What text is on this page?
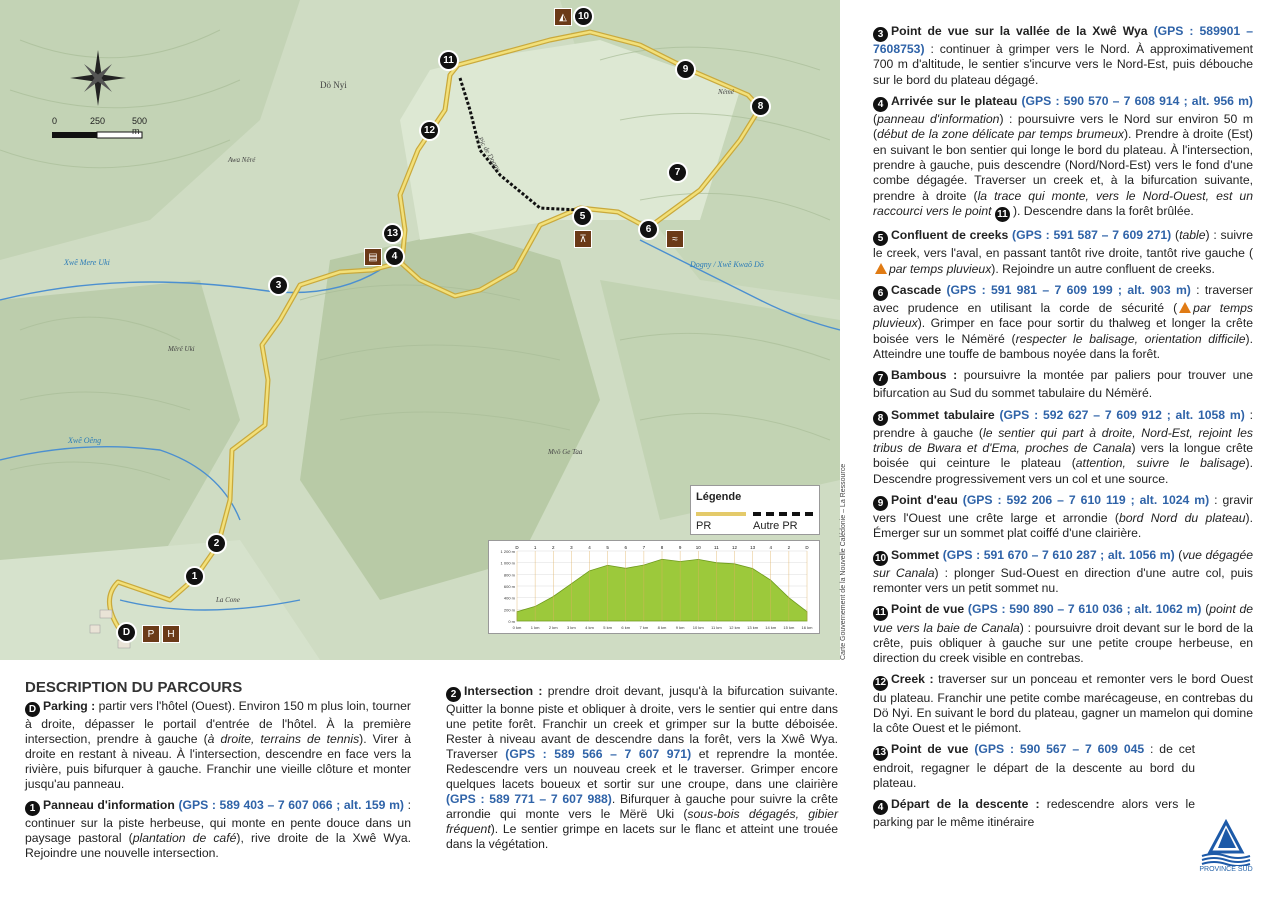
0	250	500 m
Dö Nyi
La Cone
Mërë Uki
Némé
Mvö Ge Taa
Awa Nêré
Xwê Mere Uki
Xwê Oêng
Dogny / Xwê Kwaô Dõ
Pic de Dogny
D	P	H
1
2
3
4
▤
5
⊼
6
≈
7
8
9
10
◭
11
12
13
Légende
PR	Autre PR
1 200 m
1 000 m
800 m
600 m
400 m
200 m
0 m
0 km 1 km 2 km 3 km 4 km 5 km 6 km 7 km 8 km 9 km 10 km 11 km 12 km 13 km 14 km 15 km 16 km
D	1	2	3	4	5	6	7	8	9	10	11	12	13	4	2	D	Carte Gouvernement de la Nouvelle Calédonie – La Ressource
DESCRIPTION DU PARCOURS

D Parking : partir vers l'hôtel (Ouest). Environ 150 m plus loin, tourner à droite, dépasser le portail d'entrée de l'hôtel. À la première intersection, prendre à gauche (à droite, terrains de tennis). Virer à droite en restant à niveau. À l'intersection, descendre en face vers la rivière, puis bifurquer à gauche. Franchir une vieille clôture et monter jusqu'au panneau.

1 Panneau d'information (GPS : 589 403 – 7 607 066 ; alt. 159 m) : continuer sur la piste herbeuse, qui monte en pente douce dans un paysage pastoral (plantation de café), rive droite de la Xwê Wya. Rejoindre une nouvelle intersection.

2 Intersection : prendre droit devant, jusqu'à la bifurcation suivante. Quitter la bonne piste et obliquer à droite, vers le sentier qui entre dans une petite forêt. Franchir un creek et grimper sur la butte déboisée. Rester à niveau avant de descendre dans la forêt, vers la Xwê Wya. Traverser (GPS : 589 566 – 7 607 971) et reprendre la montée. Redescendre vers un nouveau creek et le traverser. Grimper encore quelques lacets boueux et sortir sur une croupe, dans une clairière (GPS : 589 771 – 7 607 988). Bifurquer à gauche pour suivre la crête arrondie qui monte vers le Mërë Uki (sous-bois dégagés, gibier fréquent). Le sentier grimpe en lacets sur le flanc et atteint une trouée dans la végétation.

3 Point de vue sur la vallée de la Xwê Wya (GPS : 589901 – 7608753) : continuer à grimper vers le Nord. À approximativement 700 m d'altitude, le sentier s'incurve vers le Nord-Est, puis débouche sur le bord du plateau dégagé.

4 Arrivée sur le plateau (GPS : 590 570 – 7 608 914 ; alt. 956 m) (panneau d'information) : poursuivre vers le Nord sur environ 50 m (début de la zone délicate par temps brumeux). Prendre à droite (Est) en suivant le bon sentier qui longe le bord du plateau. À l'intersection, prendre à gauche, puis descendre (Nord/Nord-Est) vers le fond d'une combe dégagée. Traverser un creek et, à la bifurcation suivante, prendre à droite (la trace qui monte, vers le Nord-Ouest, est un raccourci vers le point 11 ). Descendre dans la forêt brûlée.

5 Confluent de creeks (GPS : 591 587 – 7 609 271) (table) : suivre le creek, vers l'aval, en passant tantôt rive droite, tantôt rive gauche (par temps pluvieux). Rejoindre un autre confluent de creeks.

6 Cascade (GPS : 591 981 – 7 609 199 ; alt. 903 m) : traverser avec prudence en utilisant la corde de sécurité ( par temps pluvieux). Grimper en face pour sortir du thalweg et longer la crête boisée vers le Némëré (respecter le balisage, orientation difficile). Atteindre une touffe de bambous noyée dans la forêt.

7 Bambous : poursuivre la montée par paliers pour trouver une bifurcation au Sud du sommet tabulaire du Némëré.

8 Sommet tabulaire (GPS : 592 627 – 7 609 912 ; alt. 1058 m) : prendre à gauche (le sentier qui part à droite, Nord-Est, rejoint les tribus de Bwara et d'Ema, proches de Canala) vers la longue crête boisée qui ceinture le plateau (attention, suivre le balisage). Descendre progressivement vers un col et une source.

9 Point d'eau (GPS : 592 206 – 7 610 119 ; alt. 1024 m) : gravir vers l'Ouest une crête large et arrondie (bord Nord du plateau). Émerger sur un sommet plat coiffé d'une clairière.

10 Sommet (GPS : 591 670 – 7 610 287 ; alt. 1056 m) (vue dégagée sur Canala) : plonger Sud-Ouest en direction d'une autre col, puis remonter vers un petit sommet nu.

11 Point de vue (GPS : 590 890 – 7 610 036 ; alt. 1062 m) (point de vue vers la baie de Canala) : poursuivre droit devant sur le bord de la crête, puis obliquer à gauche sur une petite croupe herbeuse, en direction du creek visible en contrebas.

12 Creek : traverser sur un ponceau et remonter vers le bord Ouest du plateau. Franchir une petite combe marécageuse, en contrebas du Dö Nyi. En suivant le bord du plateau, gagner un mamelon qui domine la côte Ouest et le piémont.

13 Point de vue (GPS : 590 567 – 7 609 045 : de cet endroit, regagner le départ de la descente au bord du plateau.

4 Départ de la descente : redescendre alors vers le parking par le même itinéraire

PROVINCE SUD
